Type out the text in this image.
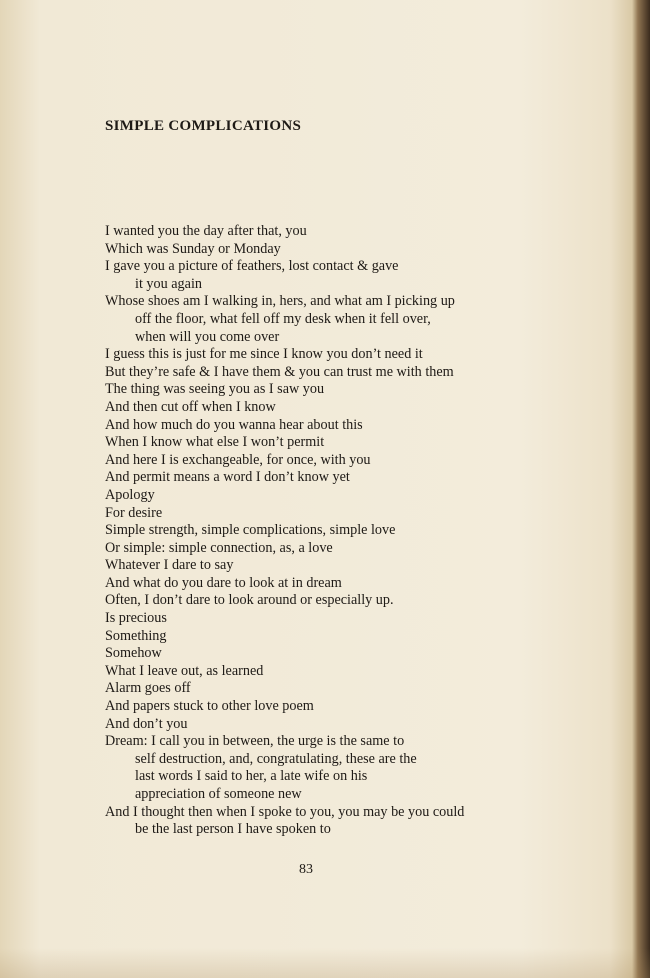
SIMPLE COMPLICATIONS
I wanted you the day after that, you
Which was Sunday or Monday
I gave you a picture of feathers, lost contact & gave
it you again
Whose shoes am I walking in, hers, and what am I picking up
off the floor, what fell off my desk when it fell over,
when will you come over
I guess this is just for me since I know you don’t need it
But they’re safe & I have them & you can trust me with them
The thing was seeing you as I saw you
And then cut off when I know
And how much do you wanna hear about this
When I know what else I won’t permit
And here I is exchangeable, for once, with you
And permit means a word I don’t know yet
Apology
For desire
Simple strength, simple complications, simple love
Or simple: simple connection, as, a love
Whatever I dare to say
And what do you dare to look at in dream
Often, I don’t dare to look around or especially up.
Is precious
Something
Somehow
What I leave out, as learned
Alarm goes off
And papers stuck to other love poem
And don’t you
Dream: I call you in between, the urge is the same to
self destruction, and, congratulating, these are the
last words I said to her, a late wife on his
appreciation of someone new
And I thought then when I spoke to you, you may be you could
be the last person I have spoken to
83
